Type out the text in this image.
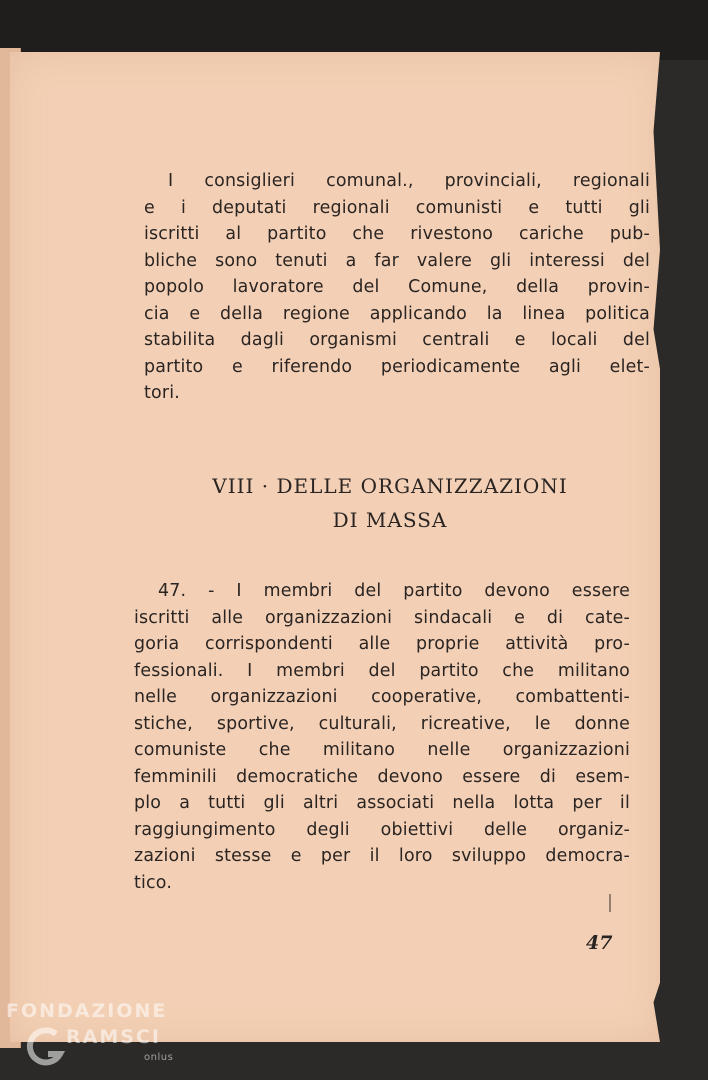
I consiglieri comunal., provinciali, regionali
e i deputati regionali comunisti e tutti gli
iscritti al partito che rivestono cariche pub-
bliche sono tenuti a far valere gli interessi del
popolo lavoratore del Comune, della provin-
cia e della regione applicando la linea politica
stabilita dagli organismi centrali e locali del
partito e riferendo periodicamente agli elet-
tori.
VIII · DELLE ORGANIZZAZIONI
DI MASSA
47. - I membri del partito devono essere
iscritti alle organizzazioni sindacali e di cate-
goria corrispondenti alle proprie attività pro-
fessionali. I membri del partito che militano
nelle organizzazioni cooperative, combattenti-
stiche, sportive, culturali, ricreative, le donne
comuniste che militano nelle organizzazioni
femminili democratiche devono essere di esem-
plo a tutti gli altri associati nella lotta per il
raggiungimento degli obiettivi delle organiz-
zazioni stesse e per il loro sviluppo democra-
tico.
47
FONDAZIONE
RAMSCI
onlus
